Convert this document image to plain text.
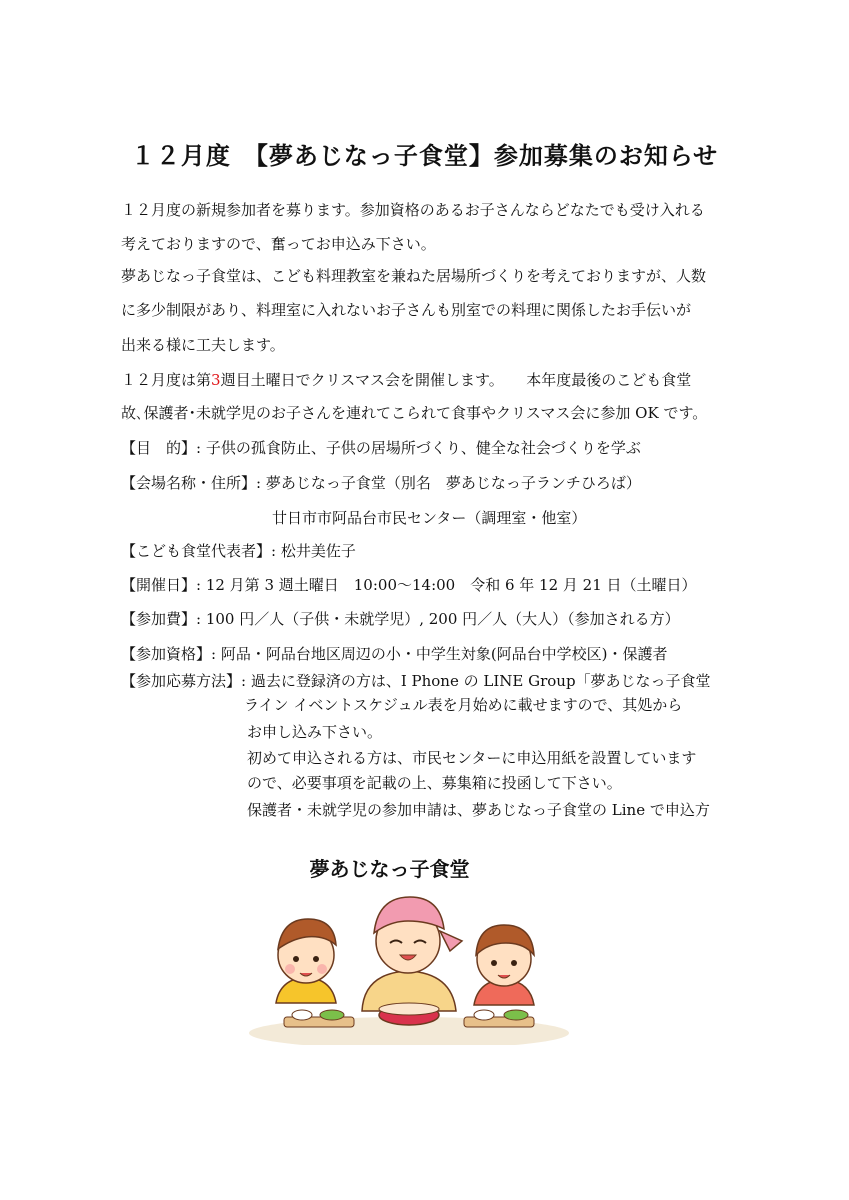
１２月度　【夢あじなっ子食堂】参加募集のお知らせ
１２月度の新規参加者を募ります。参加資格のあるお子さんならどなたでも受け入れる
考えておりますので、奮ってお申込み下さい。
夢あじなっ子食堂は、こども料理教室を兼ねた居場所づくりを考えておりますが、人数
に多少制限があり、料理室に入れないお子さんも別室での料理に関係したお手伝いが
出来る様に工夫します。
１２月度は第3週目土曜日でクリスマス会を開催します。　　本年度最後のこども食堂
故､保護者･未就学児のお子さんを連れてこられて食事やクリスマス会に参加 OK です。
【目　的】: 子供の孤食防止、子供の居場所づくり、健全な社会づくりを学ぶ
【会場名称・住所】: 夢あじなっ子食堂（別名　夢あじなっ子ランチひろば）
廿日市市阿品台市民センター（調理室・他室）
【こども食堂代表者】: 松井美佐子
【開催日】: 12 月第 3 週土曜日　10:00～14:00　令和 6 年 12 月 21 日（土曜日）
【参加費】: 100 円／人（子供・未就学児）, 200 円／人（大人）（参加される方）
【参加資格】: 阿品・阿品台地区周辺の小・中学生対象(阿品台中学校区)・保護者
【参加応募方法】: 過去に登録済の方は、I Phone の LINE Group「夢あじなっ子食堂
ライン イベントスケジュル表を月始めに載せますので、其処から
お申し込み下さい。
初めて申込される方は、市民センターに申込用紙を設置しています
ので、必要事項を記載の上、募集箱に投函して下さい。
保護者・未就学児の参加申請は、夢あじなっ子食堂の Line で申込方
夢あじなっ子食堂
